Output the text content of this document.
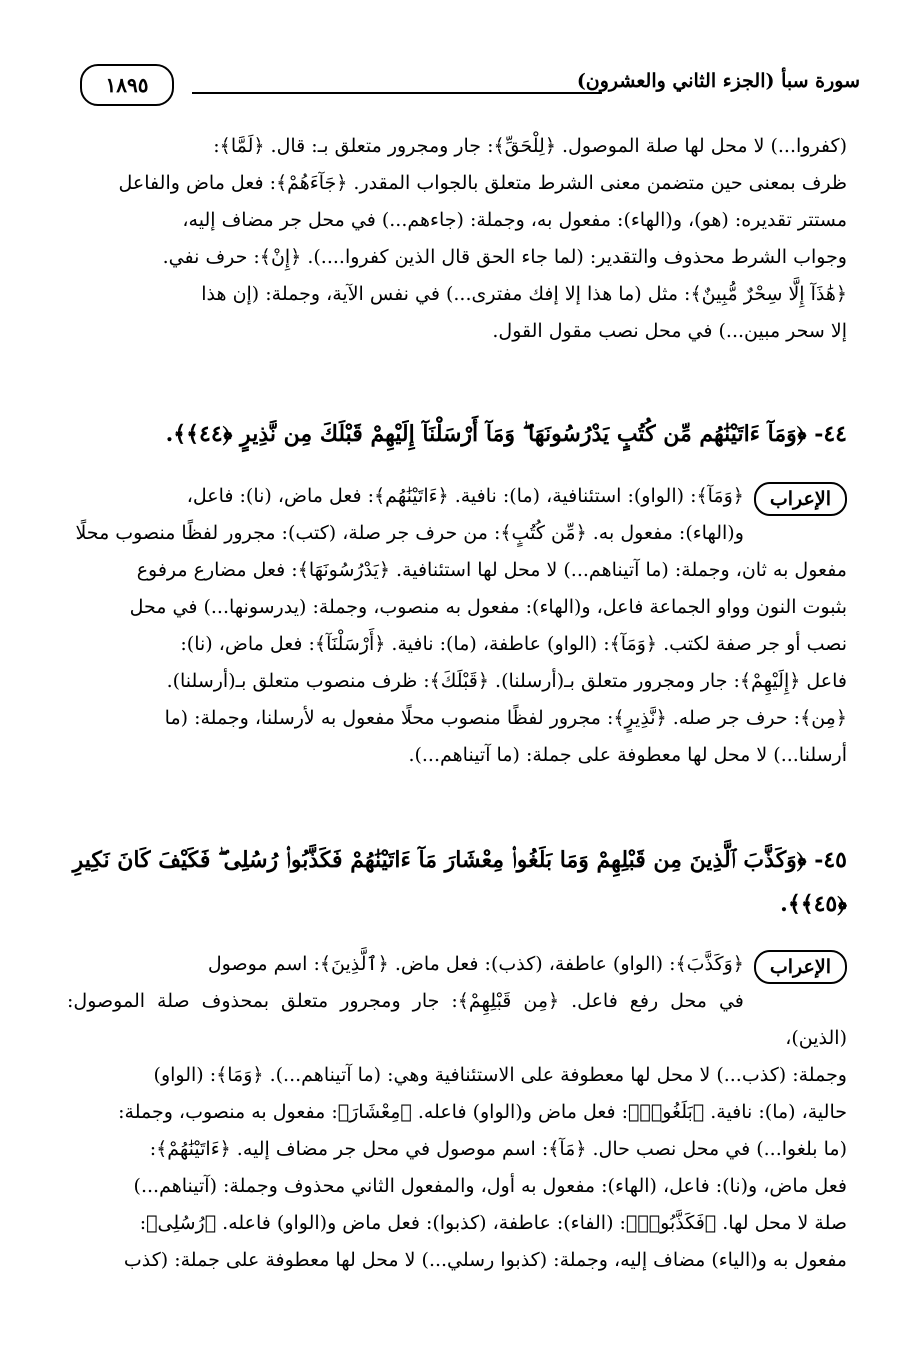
سورة سبأ (الجزء الثاني والعشرون)
١٨٩٥

(كفروا...) لا محل لها صلة الموصول. ﴿لِلْحَقِّ﴾: جار ومجرور متعلق بـ: قال. ﴿لَمَّا﴾:

ظرف بمعنى حين متضمن معنى الشرط متعلق بالجواب المقدر. ﴿جَآءَهُمْ﴾: فعل ماض والفاعل

مستتر تقديره: (هو)، و(الهاء): مفعول به، وجملة: (جاءهم...) في محل جر مضاف إليه،

وجواب الشرط محذوف والتقدير: (لما جاء الحق قال الذين كفروا....). ﴿إِنْ﴾: حرف نفي.

﴿هَٰذَآ إِلَّا سِحْرٌ مُّبِينٌ﴾: مثل (ما هذا إلا إفك مفترى...) في نفس الآية، وجملة: (إن هذا

إلا سحر مبين...) في محل نصب مقول القول.

٤٤- ﴿وَمَآ ءَاتَيْنَٰهُم مِّن كُتُبٍ يَدْرُسُونَهَا ۖ وَمَآ أَرْسَلْنَآ إِلَيْهِمْ قَبْلَكَ مِن نَّذِيرٍ ﴿٤٤﴾﴾.
الإعراب

﴿وَمَآ﴾: (الواو): استئنافية، (ما): نافية. ﴿ءَاتَيْنَٰهُم﴾: فعل ماض، (نا): فاعل،

و(الهاء): مفعول به. ﴿مِّن كُتُبٍ﴾: من حرف جر صلة، (كتب): مجرور لفظًا منصوب محلًا

مفعول به ثان، وجملة: (ما آتيناهم...) لا محل لها استئنافية. ﴿يَدْرُسُونَهَا﴾: فعل مضارع مرفوع

بثبوت النون وواو الجماعة فاعل، و(الهاء): مفعول به منصوب، وجملة: (يدرسونها...) في محل

نصب أو جر صفة لكتب. ﴿وَمَآ﴾: (الواو) عاطفة، (ما): نافية. ﴿أَرْسَلْنَآ﴾: فعل ماض، (نا):

فاعل ﴿إِلَيْهِمْ﴾: جار ومجرور متعلق بـ(أرسلنا). ﴿قَبْلَكَ﴾: ظرف منصوب متعلق بـ(أرسلنا).

﴿مِن﴾: حرف جر صله. ﴿نَّذِيرٍ﴾: مجرور لفظًا منصوب محلًا مفعول به لأرسلنا، وجملة: (ما

أرسلنا...) لا محل لها معطوفة على جملة: (ما آتيناهم...).

٤٥- ﴿وَكَذَّبَ ٱلَّذِينَ مِن قَبْلِهِمْ وَمَا بَلَغُوا۟ مِعْشَارَ مَآ ءَاتَيْنَٰهُمْ فَكَذَّبُوا۟ رُسُلِى ۖ فَكَيْفَ كَانَ نَكِيرِ ﴿٤٥﴾﴾.
الإعراب

﴿وَكَذَّبَ﴾: (الواو) عاطفة، (كذب): فعل ماض. ﴿ٱلَّذِينَ﴾: اسم موصول

في محل رفع فاعل. ﴿مِن قَبْلِهِمْ﴾: جار ومجرور متعلق بمحذوف صلة الموصول: (الذين)،

وجملة: (كذب...) لا محل لها معطوفة على الاستئنافية وهي: (ما آتيناهم...). ﴿وَمَا﴾: (الواو)

حالية، (ما): نافية. ﴿بَلَغُوا۟﴾: فعل ماض و(الواو) فاعله. ﴿مِعْشَارَ﴾: مفعول به منصوب، وجملة:

(ما بلغوا...) في محل نصب حال. ﴿مَآ﴾: اسم موصول في محل جر مضاف إليه. ﴿ءَاتَيْنَٰهُمْ﴾:

فعل ماض، و(نا): فاعل، (الهاء): مفعول به أول، والمفعول الثاني محذوف وجملة: (آتيناهم...)

صلة لا محل لها. ﴿فَكَذَّبُوا۟﴾: (الفاء): عاطفة، (كذبوا): فعل ماض و(الواو) فاعله. ﴿رُسُلِى﴾:

مفعول به و(الياء) مضاف إليه، وجملة: (كذبوا رسلي...) لا محل لها معطوفة على جملة: (كذب
